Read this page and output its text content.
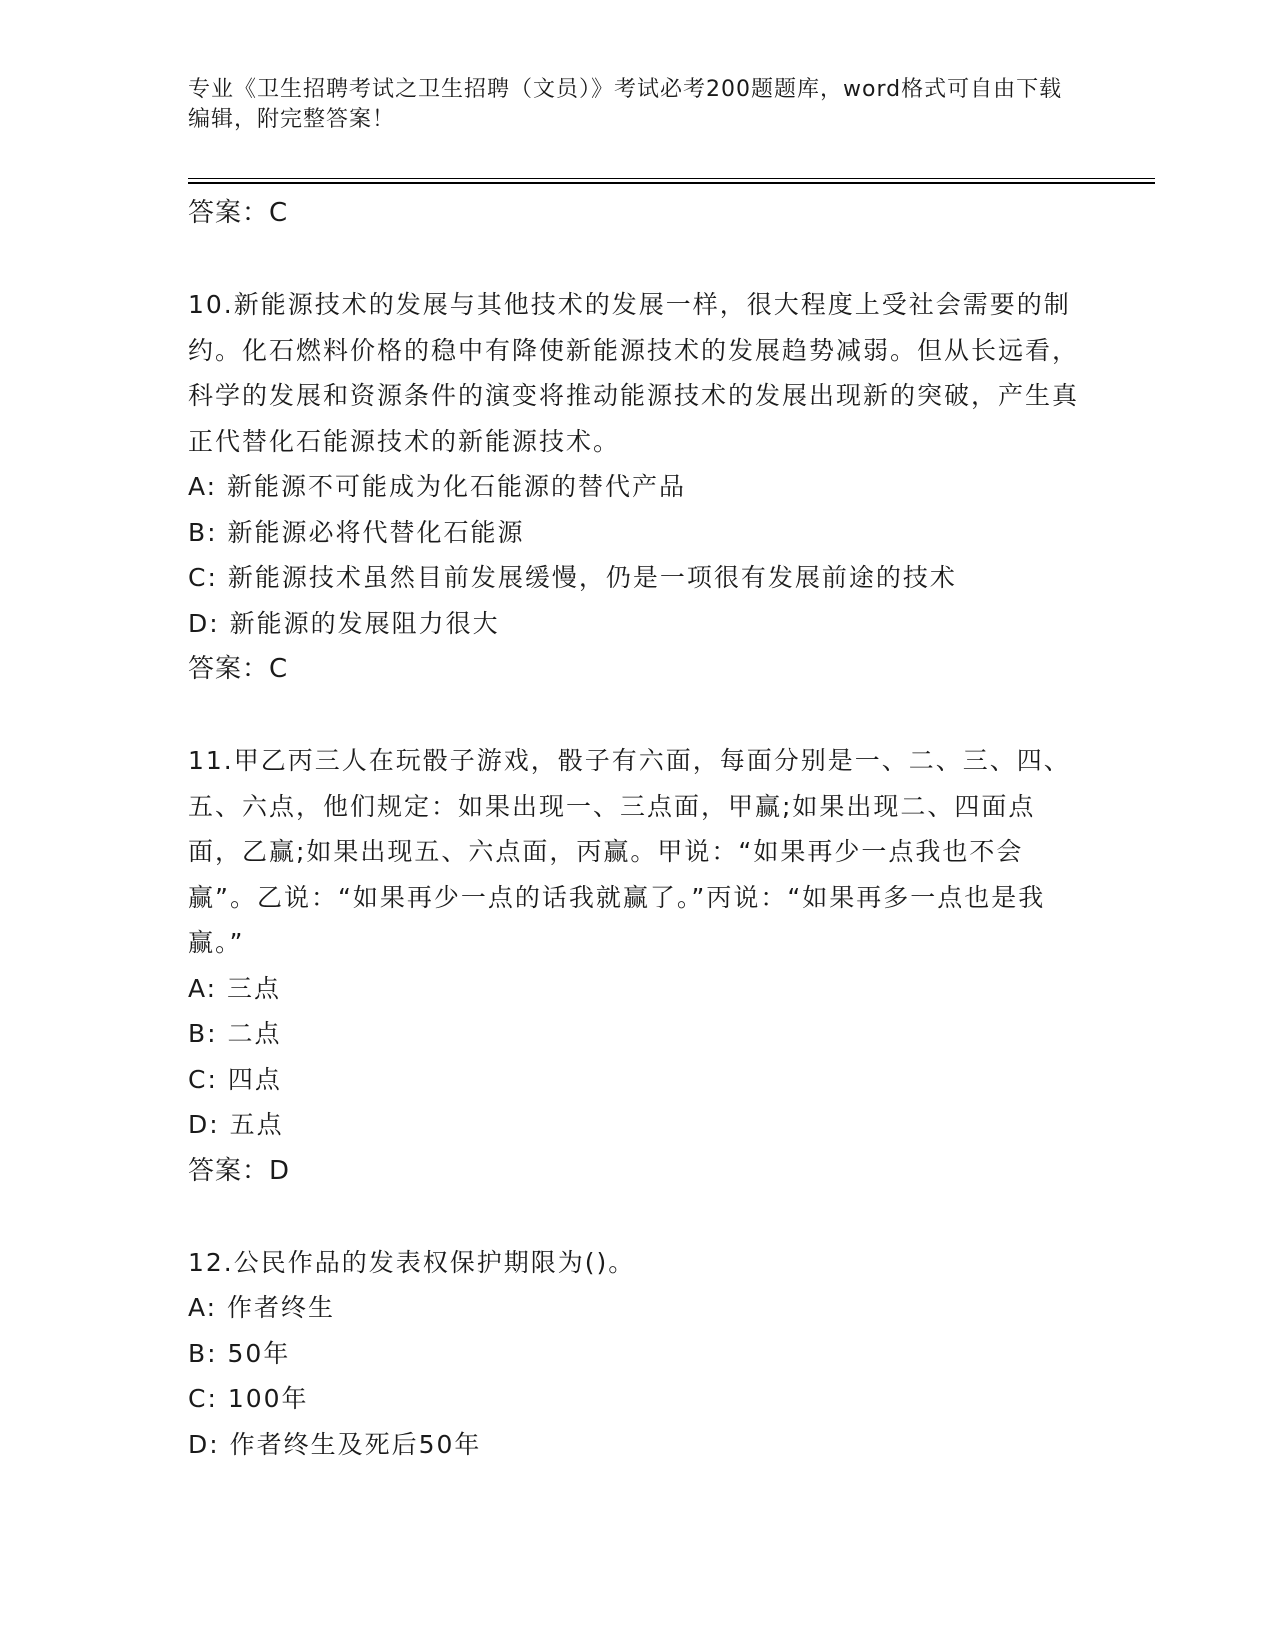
专业《卫生招聘考试之卫生招聘（文员）》考试必考200题题库，word格式可自由下载编辑，附完整答案！
答案：C
10.新能源技术的发展与其他技术的发展一样，很大程度上受社会需要的制约。化石燃料价格的稳中有降使新能源技术的发展趋势减弱。但从长远看，科学的发展和资源条件的演变将推动能源技术的发展出现新的突破，产生真正代替化石能源技术的新能源技术。
A: 新能源不可能成为化石能源的替代产品
B: 新能源必将代替化石能源
C: 新能源技术虽然目前发展缓慢，仍是一项很有发展前途的技术
D: 新能源的发展阻力很大
答案：C
11.甲乙丙三人在玩骰子游戏，骰子有六面，每面分别是一、二、三、四、五、六点，他们规定：如果出现一、三点面，甲赢;如果出现二、四面点面，乙赢;如果出现五、六点面，丙赢。甲说：“如果再少一点我也不会赢”。乙说：“如果再少一点的话我就赢了。”丙说：“如果再多一点也是我赢。”
A: 三点
B: 二点
C: 四点
D: 五点
答案：D
12.公民作品的发表权保护期限为()。
A: 作者终生
B: 50年
C: 100年
D: 作者终生及死后50年
